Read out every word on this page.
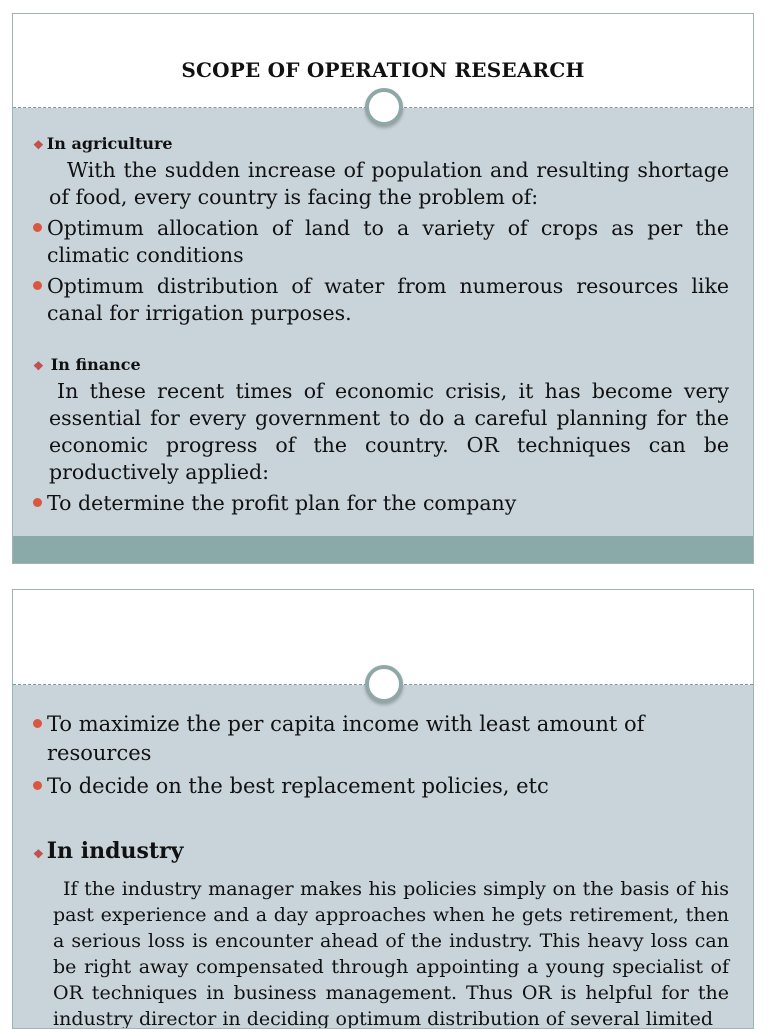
SCOPE OF OPERATION RESEARCH
❖ In agriculture

With the sudden increase of population and resulting shortage of food, every country is facing the problem of:

Optimum allocation of land to a variety of crops as per the climatic conditions
Optimum distribution of water from numerous resources like canal for irrigation purposes.
❖ In finance

In these recent times of economic crisis, it has become very essential for every government to do a careful planning for the economic progress of the country. OR techniques can be productively applied:

To determine the profit plan for the company
To maximize the per capita income with least amount of resources
To decide on the best replacement policies, etc
❖ In industry

If the industry manager makes his policies simply on the basis of his past experience and a day approaches when he gets retirement, then a serious loss is encounter ahead of the industry. This heavy loss can be right away compensated through appointing a young specialist of OR techniques in business management. Thus OR is helpful for the industry director in deciding optimum distribution of several limited
